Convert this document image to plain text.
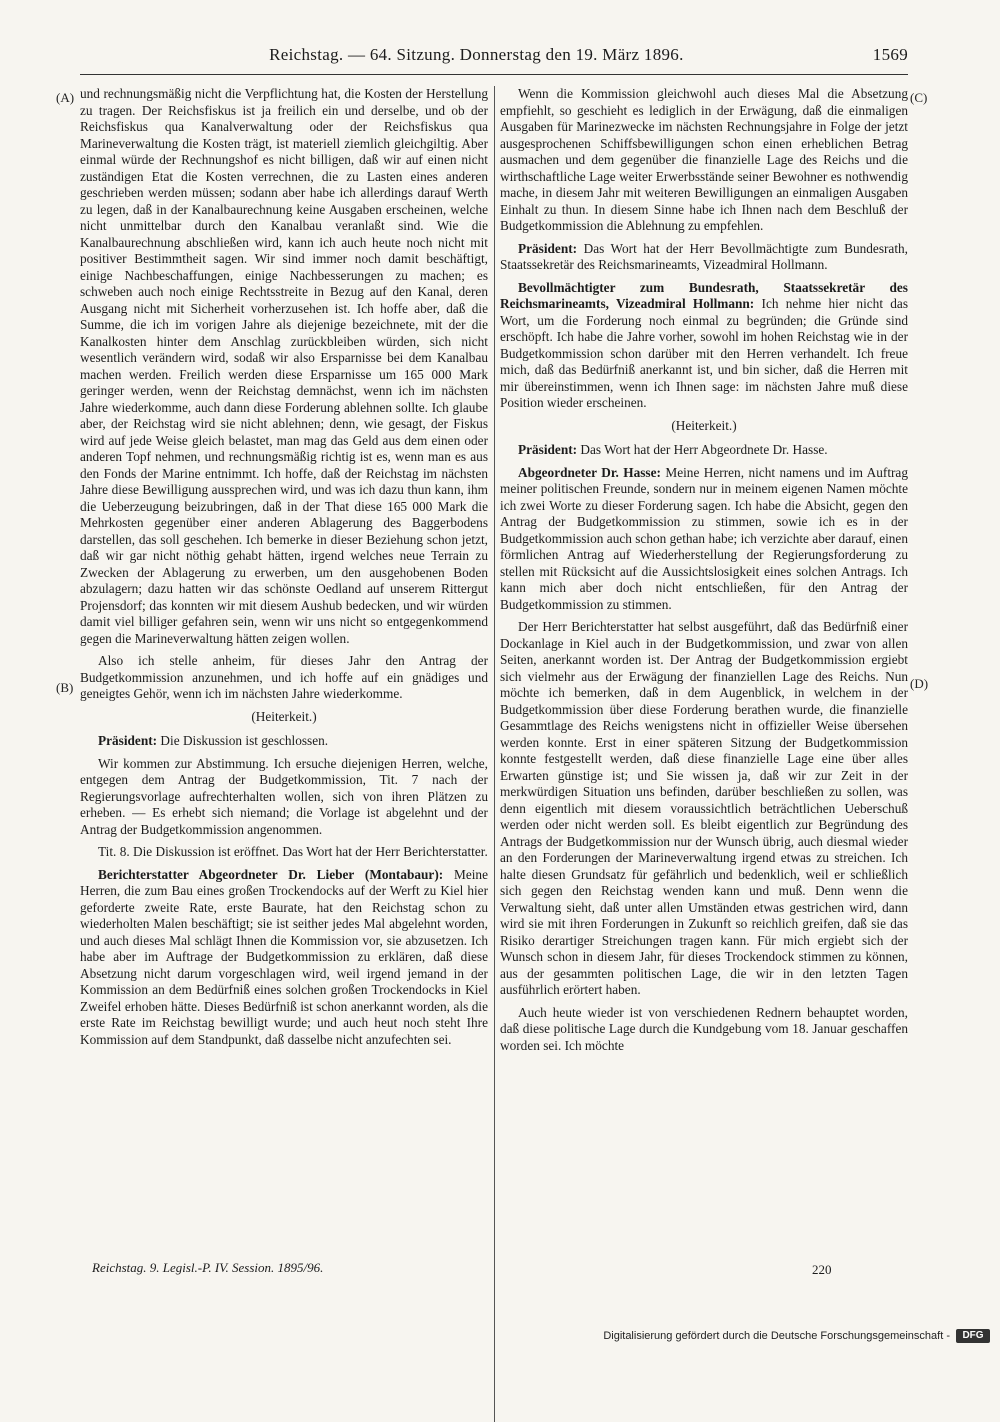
Reichstag. — 64. Sitzung. Donnerstag den 19. März 1896.	1569
(A)
(B)
(C)
(D)

und rechnungsmäßig nicht die Verpflichtung hat, die Kosten der Herstellung zu tragen. Der Reichsfiskus ist ja freilich ein und derselbe, und ob der Reichsfiskus qua Kanalverwaltung oder der Reichsfiskus qua Marineverwaltung die Kosten trägt, ist materiell ziemlich gleichgiltig. Aber einmal würde der Rechnungshof es nicht billigen, daß wir auf einen nicht zuständigen Etat die Kosten verrechnen, die zu Lasten eines anderen geschrieben werden müssen; sodann aber habe ich allerdings darauf Werth zu legen, daß in der Kanalbaurechnung keine Ausgaben erscheinen, welche nicht unmittelbar durch den Kanalbau veranlaßt sind. Wie die Kanalbaurechnung abschließen wird, kann ich auch heute noch nicht mit positiver Bestimmtheit sagen. Wir sind immer noch damit beschäftigt, einige Nachbeschaffungen, einige Nachbesserungen zu machen; es schweben auch noch einige Rechtsstreite in Bezug auf den Kanal, deren Ausgang nicht mit Sicherheit vorherzusehen ist. Ich hoffe aber, daß die Summe, die ich im vorigen Jahre als diejenige bezeichnete, mit der die Kanalkosten hinter dem Anschlag zurückbleiben würden, sich nicht wesentlich verändern wird, sodaß wir also Ersparnisse bei dem Kanalbau machen werden. Freilich werden diese Ersparnisse um 165 000 Mark geringer werden, wenn der Reichstag demnächst, wenn ich im nächsten Jahre wiederkomme, auch dann diese Forderung ablehnen sollte. Ich glaube aber, der Reichstag wird sie nicht ablehnen; denn, wie gesagt, der Fiskus wird auf jede Weise gleich belastet, man mag das Geld aus dem einen oder anderen Topf nehmen, und rechnungsmäßig richtig ist es, wenn man es aus den Fonds der Marine entnimmt. Ich hoffe, daß der Reichstag im nächsten Jahre diese Bewilligung aussprechen wird, und was ich dazu thun kann, ihm die Ueberzeugung beizubringen, daß in der That diese 165 000 Mark die Mehrkosten gegenüber einer anderen Ablagerung des Baggerbodens darstellen, das soll geschehen. Ich bemerke in dieser Beziehung schon jetzt, daß wir gar nicht nöthig gehabt hätten, irgend welches neue Terrain zu Zwecken der Ablagerung zu erwerben, um den ausgehobenen Boden abzulagern; dazu hatten wir das schönste Oedland auf unserem Rittergut Projensdorf; das konnten wir mit diesem Aushub bedecken, und wir würden damit viel billiger gefahren sein, wenn wir uns nicht so entgegenkommend gegen die Marineverwaltung hätten zeigen wollen.

Also ich stelle anheim, für dieses Jahr den Antrag der Budgetkommission anzunehmen, und ich hoffe auf ein gnädiges und geneigtes Gehör, wenn ich im nächsten Jahre wiederkomme.

(Heiterkeit.)

Präsident: Die Diskussion ist geschlossen.

Wir kommen zur Abstimmung. Ich ersuche diejenigen Herren, welche, entgegen dem Antrag der Budgetkommission, Tit. 7 nach der Regierungsvorlage aufrechterhalten wollen, sich von ihren Plätzen zu erheben. — Es erhebt sich niemand; die Vorlage ist abgelehnt und der Antrag der Budgetkommission angenommen.

Tit. 8. Die Diskussion ist eröffnet. Das Wort hat der Herr Berichterstatter.

Berichterstatter Abgeordneter Dr. Lieber (Montabaur): Meine Herren, die zum Bau eines großen Trockendocks auf der Werft zu Kiel hier geforderte zweite Rate, erste Baurate, hat den Reichstag schon zu wiederholten Malen beschäftigt; sie ist seither jedes Mal abgelehnt worden, und auch dieses Mal schlägt Ihnen die Kommission vor, sie abzusetzen. Ich habe aber im Auftrage der Budgetkommission zu erklären, daß diese Absetzung nicht darum vorgeschlagen wird, weil irgend jemand in der Kommission an dem Bedürfniß eines solchen großen Trockendocks in Kiel Zweifel erhoben hätte. Dieses Bedürfniß ist schon anerkannt worden, als die erste Rate im Reichstag bewilligt wurde; und auch heut noch steht Ihre Kommission auf dem Standpunkt, daß dasselbe nicht anzufechten sei.

Wenn die Kommission gleichwohl auch dieses Mal die Absetzung empfiehlt, so geschieht es lediglich in der Erwägung, daß die einmaligen Ausgaben für Marinezwecke im nächsten Rechnungsjahre in Folge der jetzt ausgesprochenen Schiffsbewilligungen schon einen erheblichen Betrag ausmachen und dem gegenüber die finanzielle Lage des Reichs und die wirthschaftliche Lage weiter Erwerbsstände seiner Bewohner es nothwendig mache, in diesem Jahr mit weiteren Bewilligungen an einmaligen Ausgaben Einhalt zu thun. In diesem Sinne habe ich Ihnen nach dem Beschluß der Budgetkommission die Ablehnung zu empfehlen.

Präsident: Das Wort hat der Herr Bevollmächtigte zum Bundesrath, Staatssekretär des Reichsmarineamts, Vizeadmiral Hollmann.

Bevollmächtigter zum Bundesrath, Staatssekretär des Reichsmarineamts, Vizeadmiral Hollmann: Ich nehme hier nicht das Wort, um die Forderung noch einmal zu begründen; die Gründe sind erschöpft. Ich habe die Jahre vorher, sowohl im hohen Reichstag wie in der Budgetkommission schon darüber mit den Herren verhandelt. Ich freue mich, daß das Bedürfniß anerkannt ist, und bin sicher, daß die Herren mit mir übereinstimmen, wenn ich Ihnen sage: im nächsten Jahre muß diese Position wieder erscheinen.

(Heiterkeit.)

Präsident: Das Wort hat der Herr Abgeordnete Dr. Hasse.

Abgeordneter Dr. Hasse: Meine Herren, nicht namens und im Auftrag meiner politischen Freunde, sondern nur in meinem eigenen Namen möchte ich zwei Worte zu dieser Forderung sagen. Ich habe die Absicht, gegen den Antrag der Budgetkommission zu stimmen, sowie ich es in der Budgetkommission auch schon gethan habe; ich verzichte aber darauf, einen förmlichen Antrag auf Wiederherstellung der Regierungsforderung zu stellen mit Rücksicht auf die Aussichtslosigkeit eines solchen Antrags. Ich kann mich aber doch nicht entschließen, für den Antrag der Budgetkommission zu stimmen.

Der Herr Berichterstatter hat selbst ausgeführt, daß das Bedürfniß einer Dockanlage in Kiel auch in der Budgetkommission, und zwar von allen Seiten, anerkannt worden ist. Der Antrag der Budgetkommission ergiebt sich vielmehr aus der Erwägung der finanziellen Lage des Reichs. Nun möchte ich bemerken, daß in dem Augenblick, in welchem in der Budgetkommission über diese Forderung berathen wurde, die finanzielle Gesammtlage des Reichs wenigstens nicht in offizieller Weise übersehen werden konnte. Erst in einer späteren Sitzung der Budgetkommission konnte festgestellt werden, daß diese finanzielle Lage eine über alles Erwarten günstige ist; und Sie wissen ja, daß wir zur Zeit in der merkwürdigen Situation uns befinden, darüber beschließen zu sollen, was denn eigentlich mit diesem voraussichtlich beträchtlichen Ueberschuß werden oder nicht werden soll. Es bleibt eigentlich zur Begründung des Antrags der Budgetkommission nur der Wunsch übrig, auch diesmal wieder an den Forderungen der Marineverwaltung irgend etwas zu streichen. Ich halte diesen Grundsatz für gefährlich und bedenklich, weil er schließlich sich gegen den Reichstag wenden kann und muß. Denn wenn die Verwaltung sieht, daß unter allen Umständen etwas gestrichen wird, dann wird sie mit ihren Forderungen in Zukunft so reichlich greifen, daß sie das Risiko derartiger Streichungen tragen kann. Für mich ergiebt sich der Wunsch schon in diesem Jahr, für dieses Trockendock stimmen zu können, aus der gesammten politischen Lage, die wir in den letzten Tagen ausführlich erörtert haben.

Auch heute wieder ist von verschiedenen Rednern behauptet worden, daß diese politische Lage durch die Kundgebung vom 18. Januar geschaffen worden sei. Ich möchte

Reichstag. 9. Legisl.-P. IV. Session. 1895/96.	220
Digitalisierung gefördert durch die Deutsche Forschungsgemeinschaft -	DFG
